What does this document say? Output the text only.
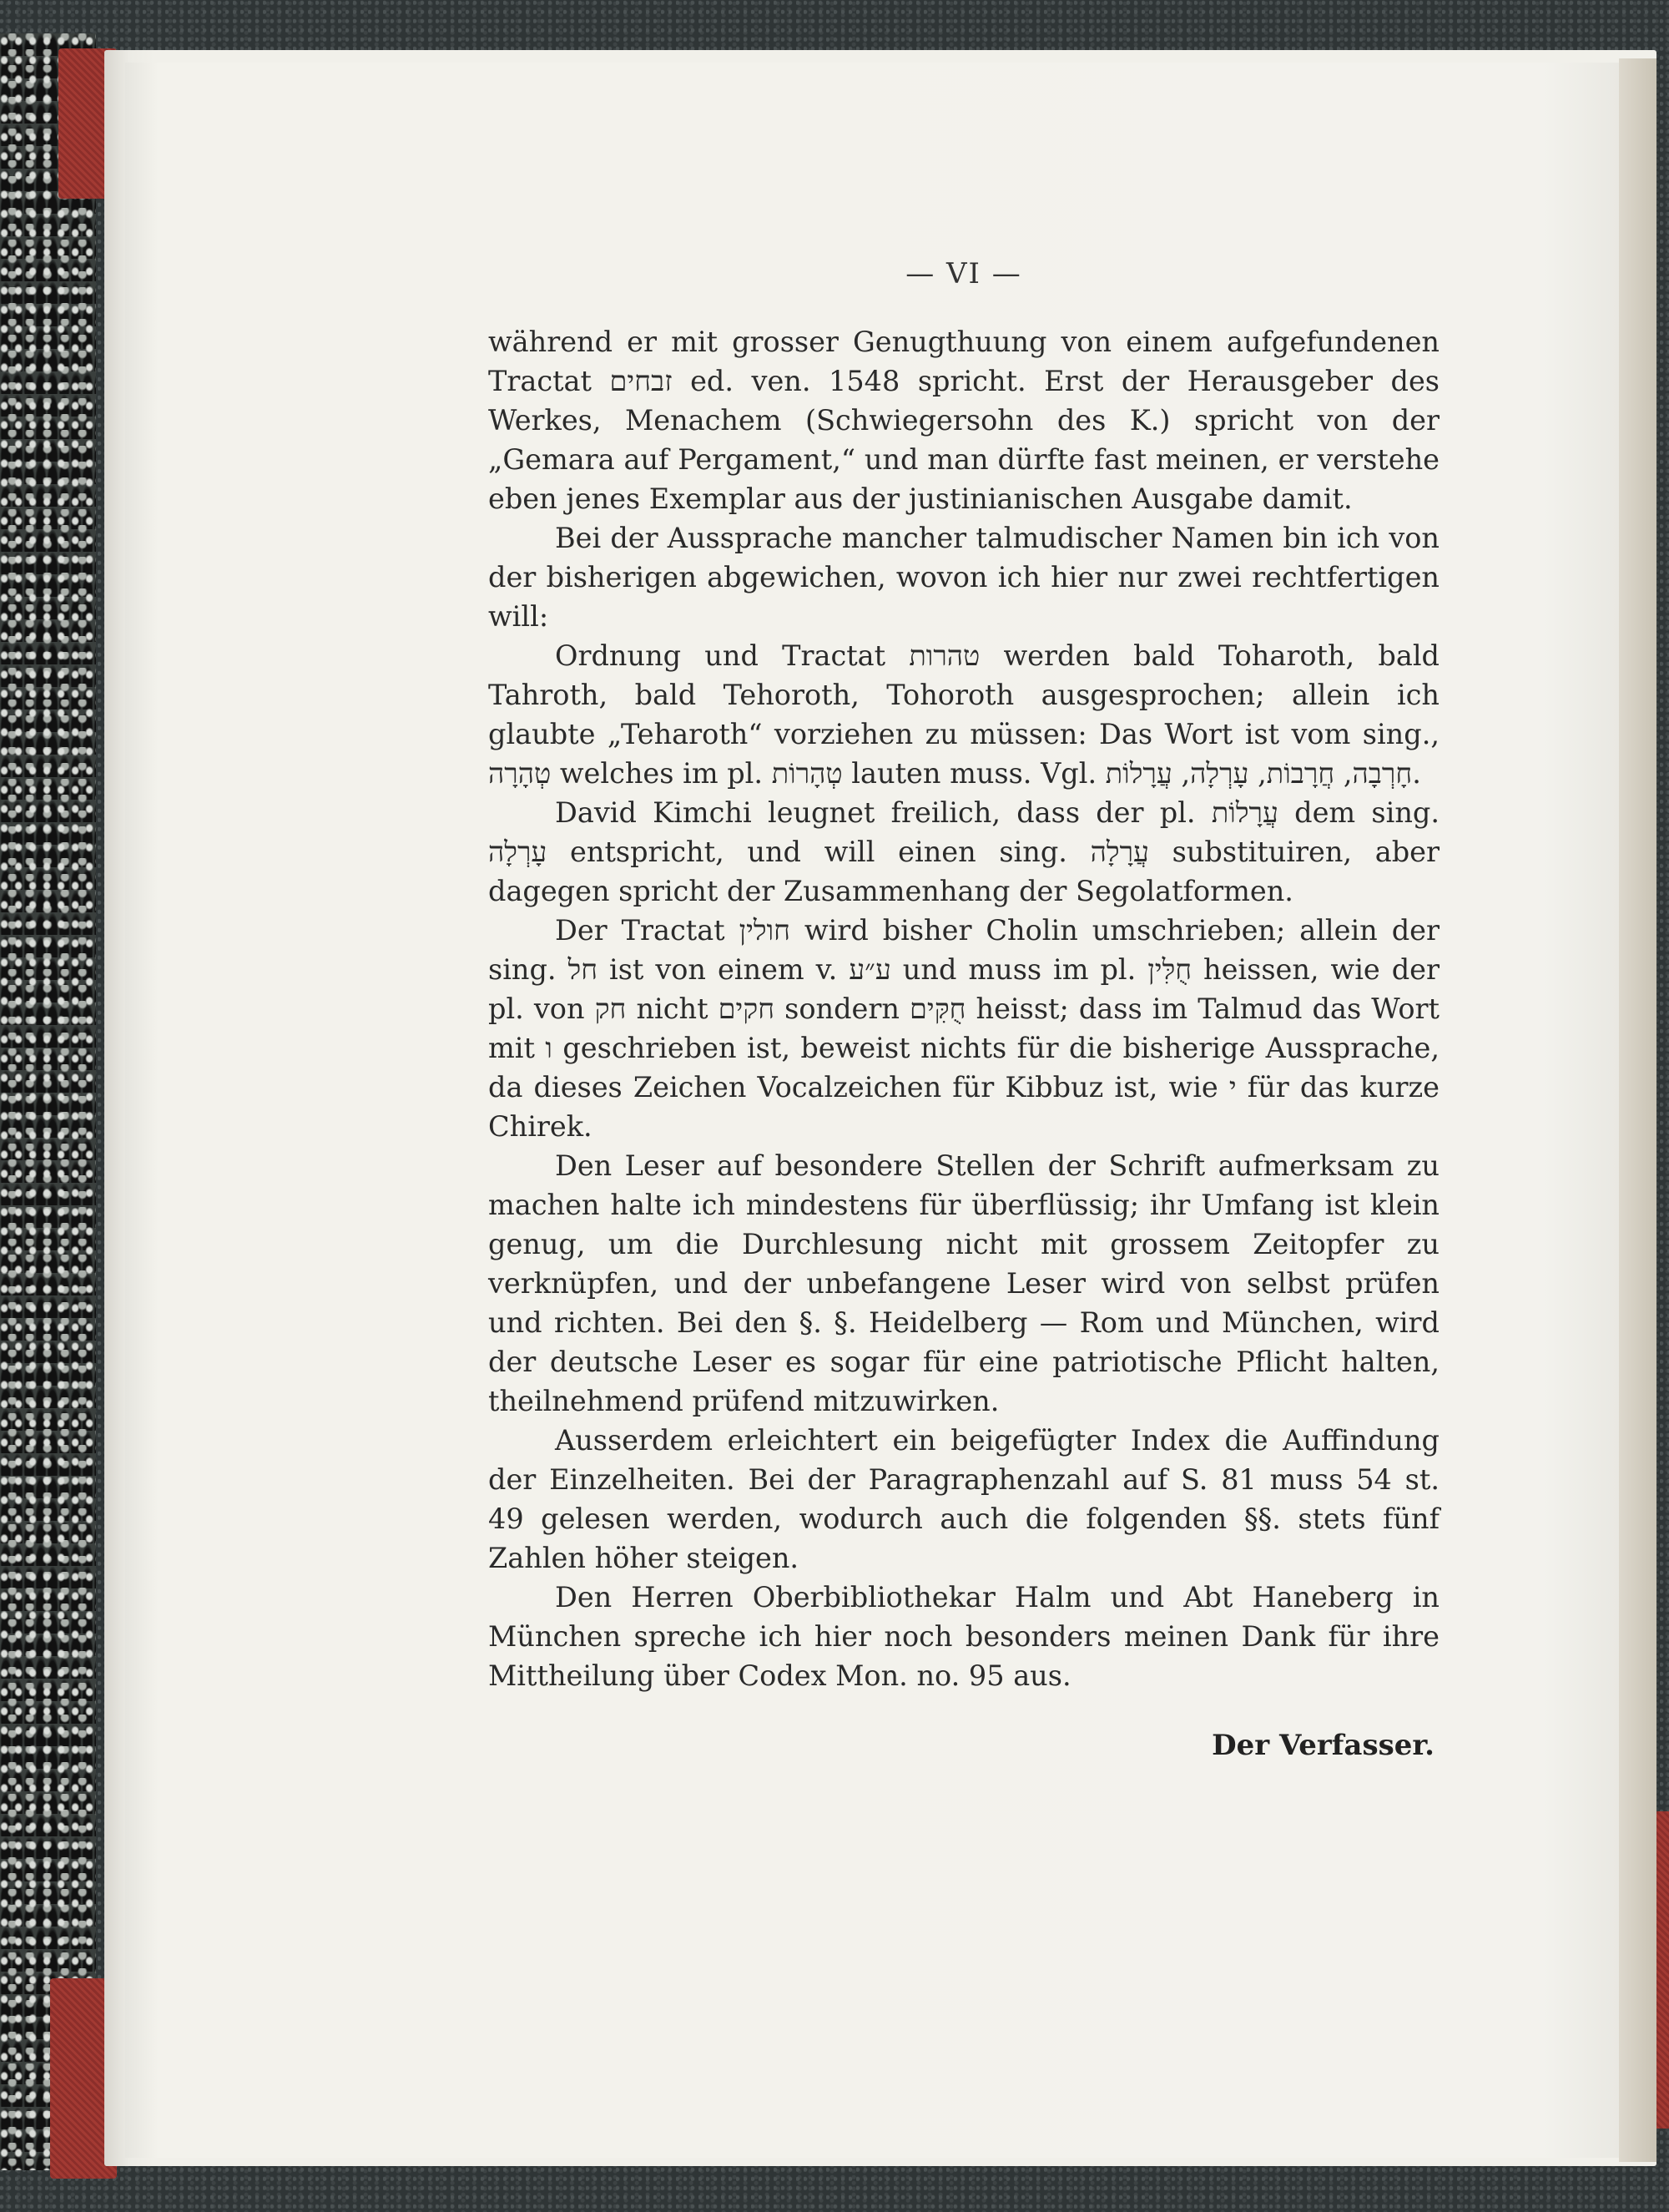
— VI —

während er mit grosser Genugthuung von einem aufgefundenen Tractat זבחים ed. ven. 1548 spricht. Erst der Herausgeber des Werkes, Menachem (Schwiegersohn des K.) spricht von der „Gemara auf Pergament,“ und man dürfte fast meinen, er verstehe eben jenes Exemplar aus der justinianischen Ausgabe damit.

Bei der Aussprache mancher talmudischer Namen bin ich von der bisherigen abgewichen, wovon ich hier nur zwei rechtfertigen will:

Ordnung und Tractat טהרות werden bald Toharoth, bald Tahroth, bald Tehoroth, Tohoroth ausgesprochen; allein ich glaubte „Teharoth“ vorziehen zu müssen: Das Wort ist vom sing., טְהָרָה welches im pl. טְהָרוֹת lauten muss. Vgl. חָרְבָה, חֲרָבוֹת, עָרְלָה, עֲרָלוֹת.

David Kimchi leugnet freilich, dass der pl. עֲרָלוֹת dem sing. עָרְלָה entspricht, und will einen sing. עֲרָלָה substituiren, aber dagegen spricht der Zusammenhang der Segolatformen.

Der Tractat חולין wird bisher Cholin umschrieben; allein der sing. חל ist von einem v. ע״ע und muss im pl. חֻלִּין heissen, wie der pl. von חק nicht חקים sondern חֻקִּים heisst; dass im Talmud das Wort mit ו geschrieben ist, beweist nichts für die bisherige Aussprache, da dieses Zeichen Vocalzeichen für Kibbuz ist, wie י für das kurze Chirek.

Den Leser auf besondere Stellen der Schrift aufmerksam zu machen halte ich mindestens für überflüssig; ihr Umfang ist klein genug, um die Durchlesung nicht mit grossem Zeitopfer zu verknüpfen, und der unbefangene Leser wird von selbst prüfen und richten. Bei den §. §. Heidelberg — Rom und München, wird der deutsche Leser es sogar für eine patriotische Pflicht halten, theilnehmend prüfend mitzuwirken.

Ausserdem erleichtert ein beigefügter Index die Auffindung der Einzelheiten. Bei der Paragraphenzahl auf S. 81 muss 54 st. 49 gelesen werden, wodurch auch die folgenden §§. stets fünf Zahlen höher steigen.

Den Herren Oberbibliothekar Halm und Abt Haneberg in München spreche ich hier noch besonders meinen Dank für ihre Mittheilung über Codex Mon. no. 95 aus.

Der Verfasser.
